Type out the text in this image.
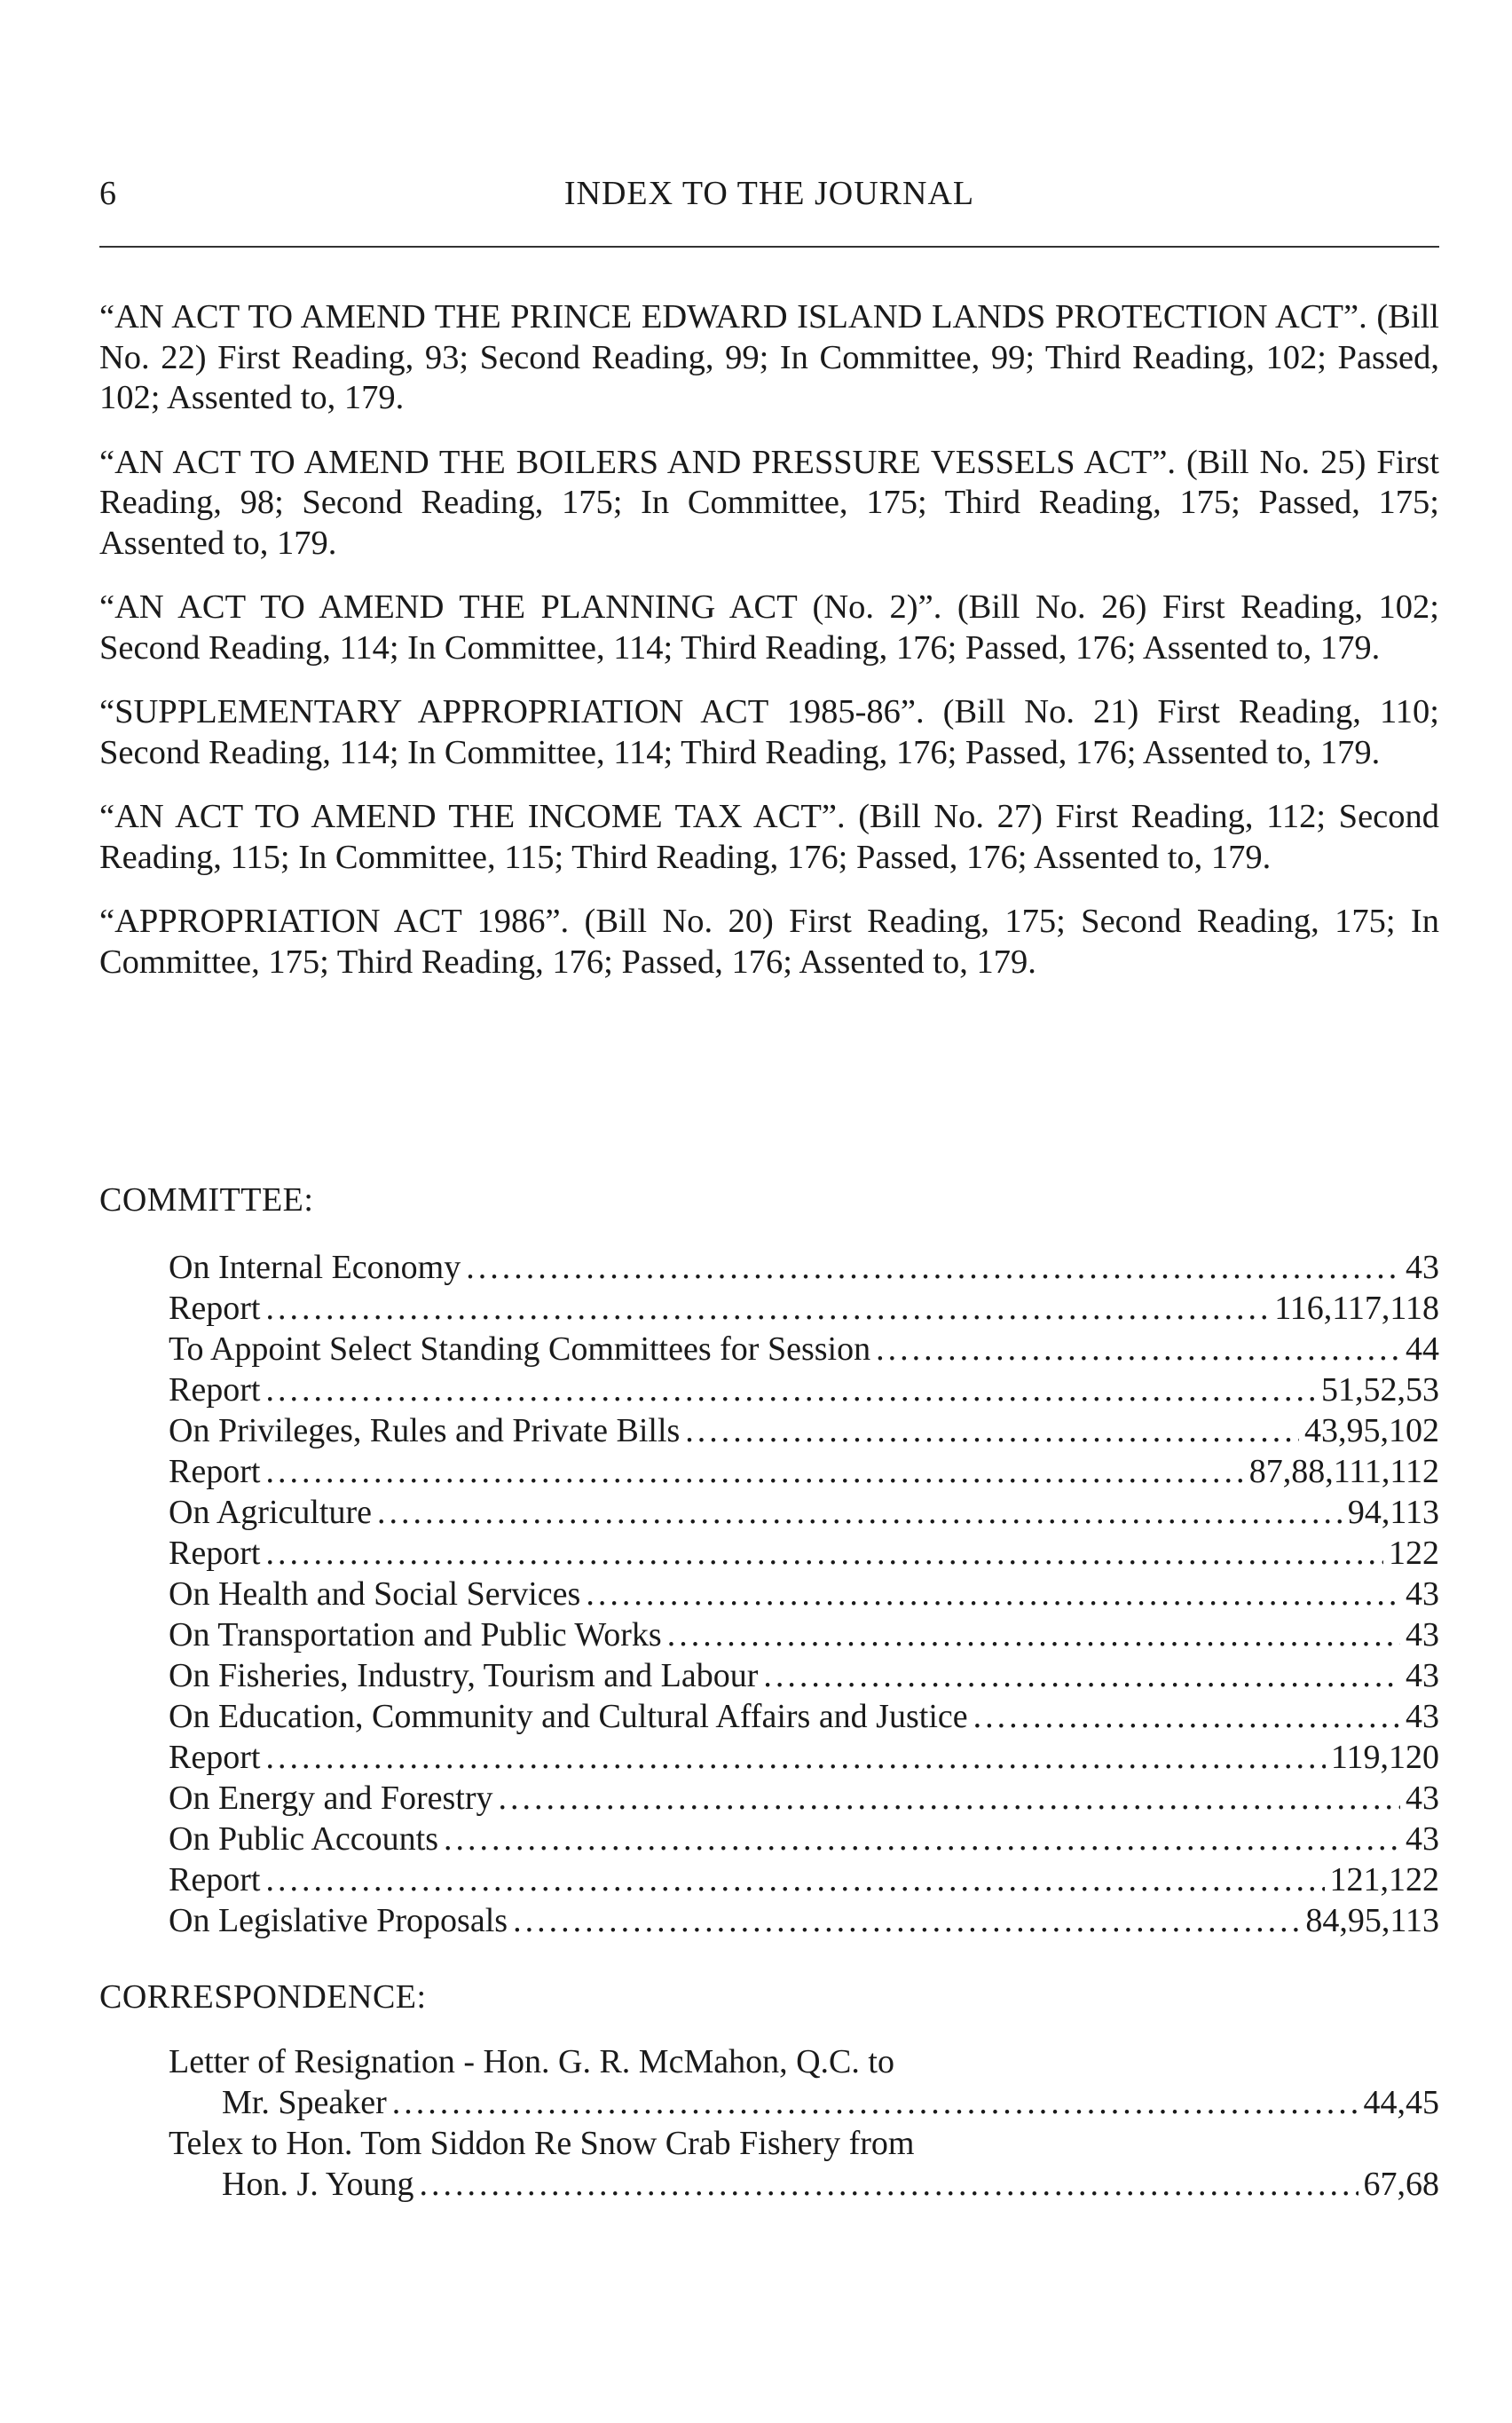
6	INDEX TO THE JOURNAL

“AN ACT TO AMEND THE PRINCE EDWARD ISLAND LANDS PROTECTION ACT”. (Bill No. 22) First Reading, 93; Second Reading, 99; In Committee, 99; Third Reading, 102; Passed, 102; Assented to, 179.

“AN ACT TO AMEND THE BOILERS AND PRESSURE VESSELS ACT”. (Bill No. 25) First Reading, 98; Second Reading, 175; In Committee, 175; Third Reading, 175; Passed, 175; Assented to, 179.

“AN ACT TO AMEND THE PLANNING ACT (No. 2)”. (Bill No. 26) First Reading, 102; Second Reading, 114; In Committee, 114; Third Reading, 176; Passed, 176; Assented to, 179.

“SUPPLEMENTARY APPROPRIATION ACT 1985-86”. (Bill No. 21) First Reading, 110; Second Reading, 114; In Committee, 114; Third Reading, 176; Passed, 176; Assented to, 179.

“AN ACT TO AMEND THE INCOME TAX ACT”. (Bill No. 27) First Reading, 112; Second Reading, 115; In Committee, 115; Third Reading, 176; Passed, 176; Assented to, 179.

“APPROPRIATION ACT 1986”. (Bill No. 20) First Reading, 175; Second Reading, 175; In Committee, 175; Third Reading, 176; Passed, 176; Assented to, 179.

COMMITTEE:
On Internal Economy .....	43
Report .....	116,117,118
To Appoint Select Standing Committees for Session .....	44
Report .....	51,52,53
On Privileges, Rules and Private Bills .....	43,95,102
Report .....	87,88,111,112
On Agriculture .....	94,113
Report .....	122
On Health and Social Services .....	43
On Transportation and Public Works .....	43
On Fisheries, Industry, Tourism and Labour .....	43
On Education, Community and Cultural Affairs and Justice .....	43
Report .....	119,120
On Energy and Forestry .....	43
On Public Accounts .....	43
Report .....	121,122
On Legislative Proposals .....	84,95,113
CORRESPONDENCE:
Letter of Resignation - Hon. G. R. McMahon, Q.C. to
Mr. Speaker .....	44,45
Telex to Hon. Tom Siddon Re Snow Crab Fishery from
Hon. J. Young .....	67,68
